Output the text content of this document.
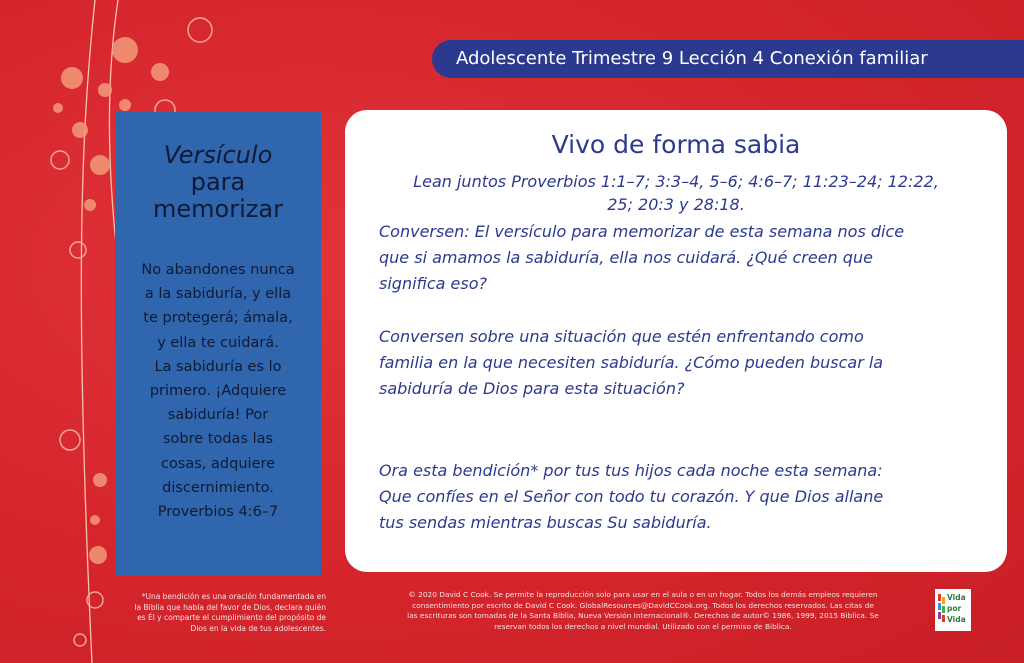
Adolescente Trimestre 9 Lección 4 Conexión familiar
Versículo
para
memorizar
No abandones nunca
a la sabiduría, y ella
te protegerá; ámala,
y ella te cuidará.
La sabiduría es lo
primero. ¡Adquiere
sabiduría! Por
sobre todas las
cosas, adquiere
discernimiento.
Proverbios 4:6–7
Vivo de forma sabia
Lean juntos Proverbios 1:1–7; 3:3–4, 5–6; 4:6–7; 11:23–24; 12:22,
25; 20:3 y 28:18.
Conversen: El versículo para memorizar de esta semana nos dice
que si amamos la sabiduría, ella nos cuidará. ¿Qué creen que
significa eso?
Conversen sobre una situación que estén enfrentando como
familia en la que necesiten sabiduría. ¿Cómo pueden buscar la
sabiduría de Dios para esta situación?
Ora esta bendición* por tus tus hijos cada noche esta semana:
Que confíes en el Señor con todo tu corazón. Y que Dios allane
tus sendas mientras buscas Su sabiduría.
*Una bendición es una oración fundamentada en
la Biblia que habla del favor de Dios, declara quién
es Él y comparte el cumplimiento del propósito de
Dios en la vida de tus adolescentes.
© 2020 David C Cook. Se permite la reproducción solo para usar en el aula o en un hogar. Todos los demás empleos requieren
consentimiento por escrito de David C Cook. GlobalResources@DavidCCook.org. Todos los derechos reservados. Las citas de
las escrituras son tomadas de la Santa Biblia, Nueva Versión Internacional®. Derechos de autor© 1986, 1999, 2015 Biblica. Se
reservan todos los derechos a nivel mundial. Utilizado con el permiso de Biblica.
Vida
por
Vida
